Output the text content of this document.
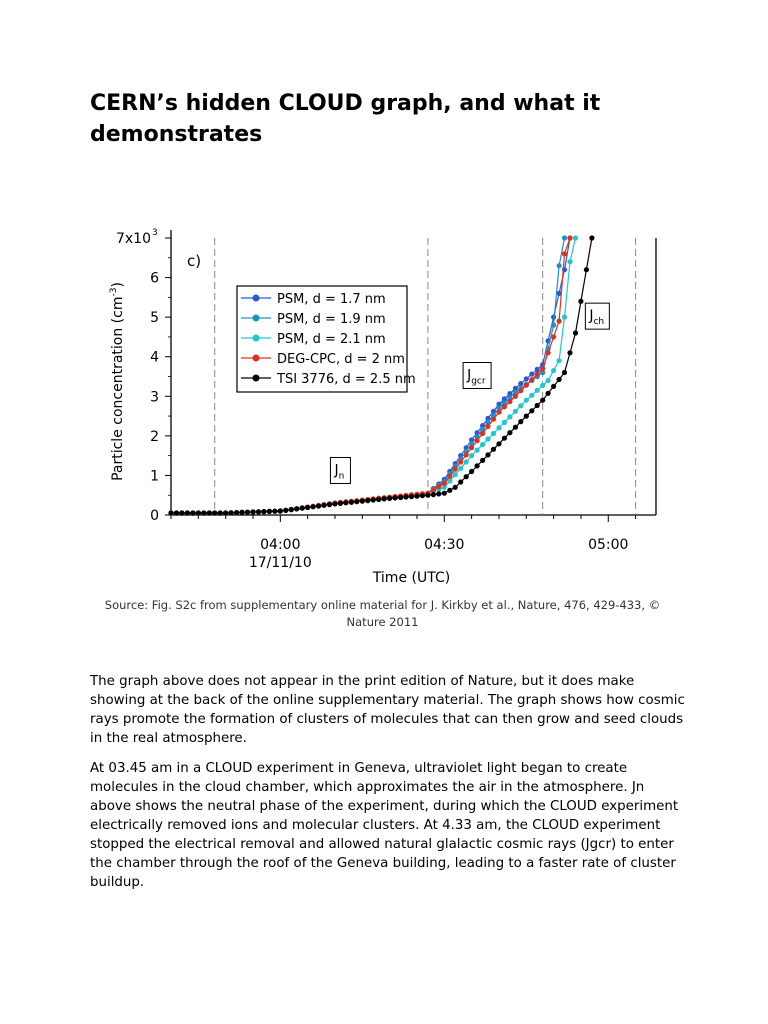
CERN’s hidden CLOUD graph, and what it demonstrates
0
1
2
3
4
5
6
7x10 3
04:00	04:30	05:00
17/11/10
Time (UTC)
Particle concentration $(cm^{-3})$
c)
$J_n$
$J_{gcr}$
$J_{ch}$
PSM, d = 1.7 nm
PSM, d = 1.9 nm
PSM, d = 2.1 nm
DEG-CPC, d = 2 nm
TSI 3776, d = 2.5 nm
Source: Fig. S2c from supplementary online material for J. Kirkby et al., Nature, 476, 429-433, © Nature 2011

The graph above does not appear in the print edition of Nature, but it does make showing at the back of the online supplementary material. The graph shows how cosmic rays promote the formation of clusters of molecules that can then grow and seed clouds in the real atmosphere.

At 03.45 am in a CLOUD experiment in Geneva, ultraviolet light began to create molecules in the cloud chamber, which approximates the air in the atmosphere. Jn above shows the neutral phase of the experiment, during which the CLOUD experiment electrically removed ions and molecular clusters. At 4.33 am, the CLOUD experiment stopped the electrical removal and allowed natural glalactic cosmic rays (Jgcr) to enter the chamber through the roof of the Geneva building, leading to a faster rate of cluster buildup.
